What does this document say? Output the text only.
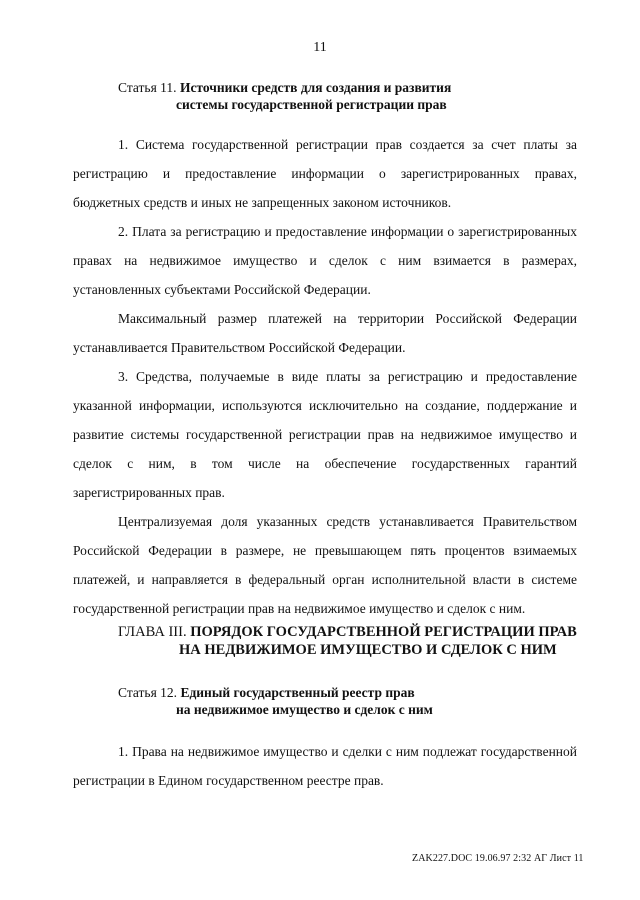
11
Статья 11. Источники средств для создания и развития
системы государственной регистрации прав

1. Система государственной регистрации прав создается за счет платы за регистрацию и предоставление информации о зарегистрированных правах, бюджетных средств и иных не запрещенных законом источников.

2. Плата за регистрацию и предоставление информации о зарегистрированных правах на недвижимое имущество и сделок с ним взимается в размерах, установленных субъектами Российской Федерации.

Максимальный размер платежей на территории Российской Федерации устанавливается Правительством Российской Федерации.

3. Средства, получаемые в виде платы за регистрацию и предоставление указанной информации, используются исключительно на создание, поддержание и развитие системы государственной регистрации прав на недвижимое имущество и сделок с ним, в том числе на обеспечение государственных гарантий зарегистрированных прав.

Централизуемая доля указанных средств устанавливается Правительством Российской Федерации в размере, не превышающем пять процентов взимаемых платежей, и направляется в федеральный орган исполнительной власти в системе государственной регистрации прав на недвижимое имущество и сделок с ним.

ГЛАВА III. ПОРЯДОК ГОСУДАРСТВЕННОЙ РЕГИСТРАЦИИ ПРАВ
НА НЕДВИЖИМОЕ ИМУЩЕСТВО И СДЕЛОК С НИМ
Статья 12. Единый государственный реестр прав
на недвижимое имущество и сделок с ним

1. Права на недвижимое имущество и сделки с ним подлежат государственной регистрации в Едином государственном реестре прав.

ZAK227.DOC 19.06.97 2:32 АГ Лист 11
